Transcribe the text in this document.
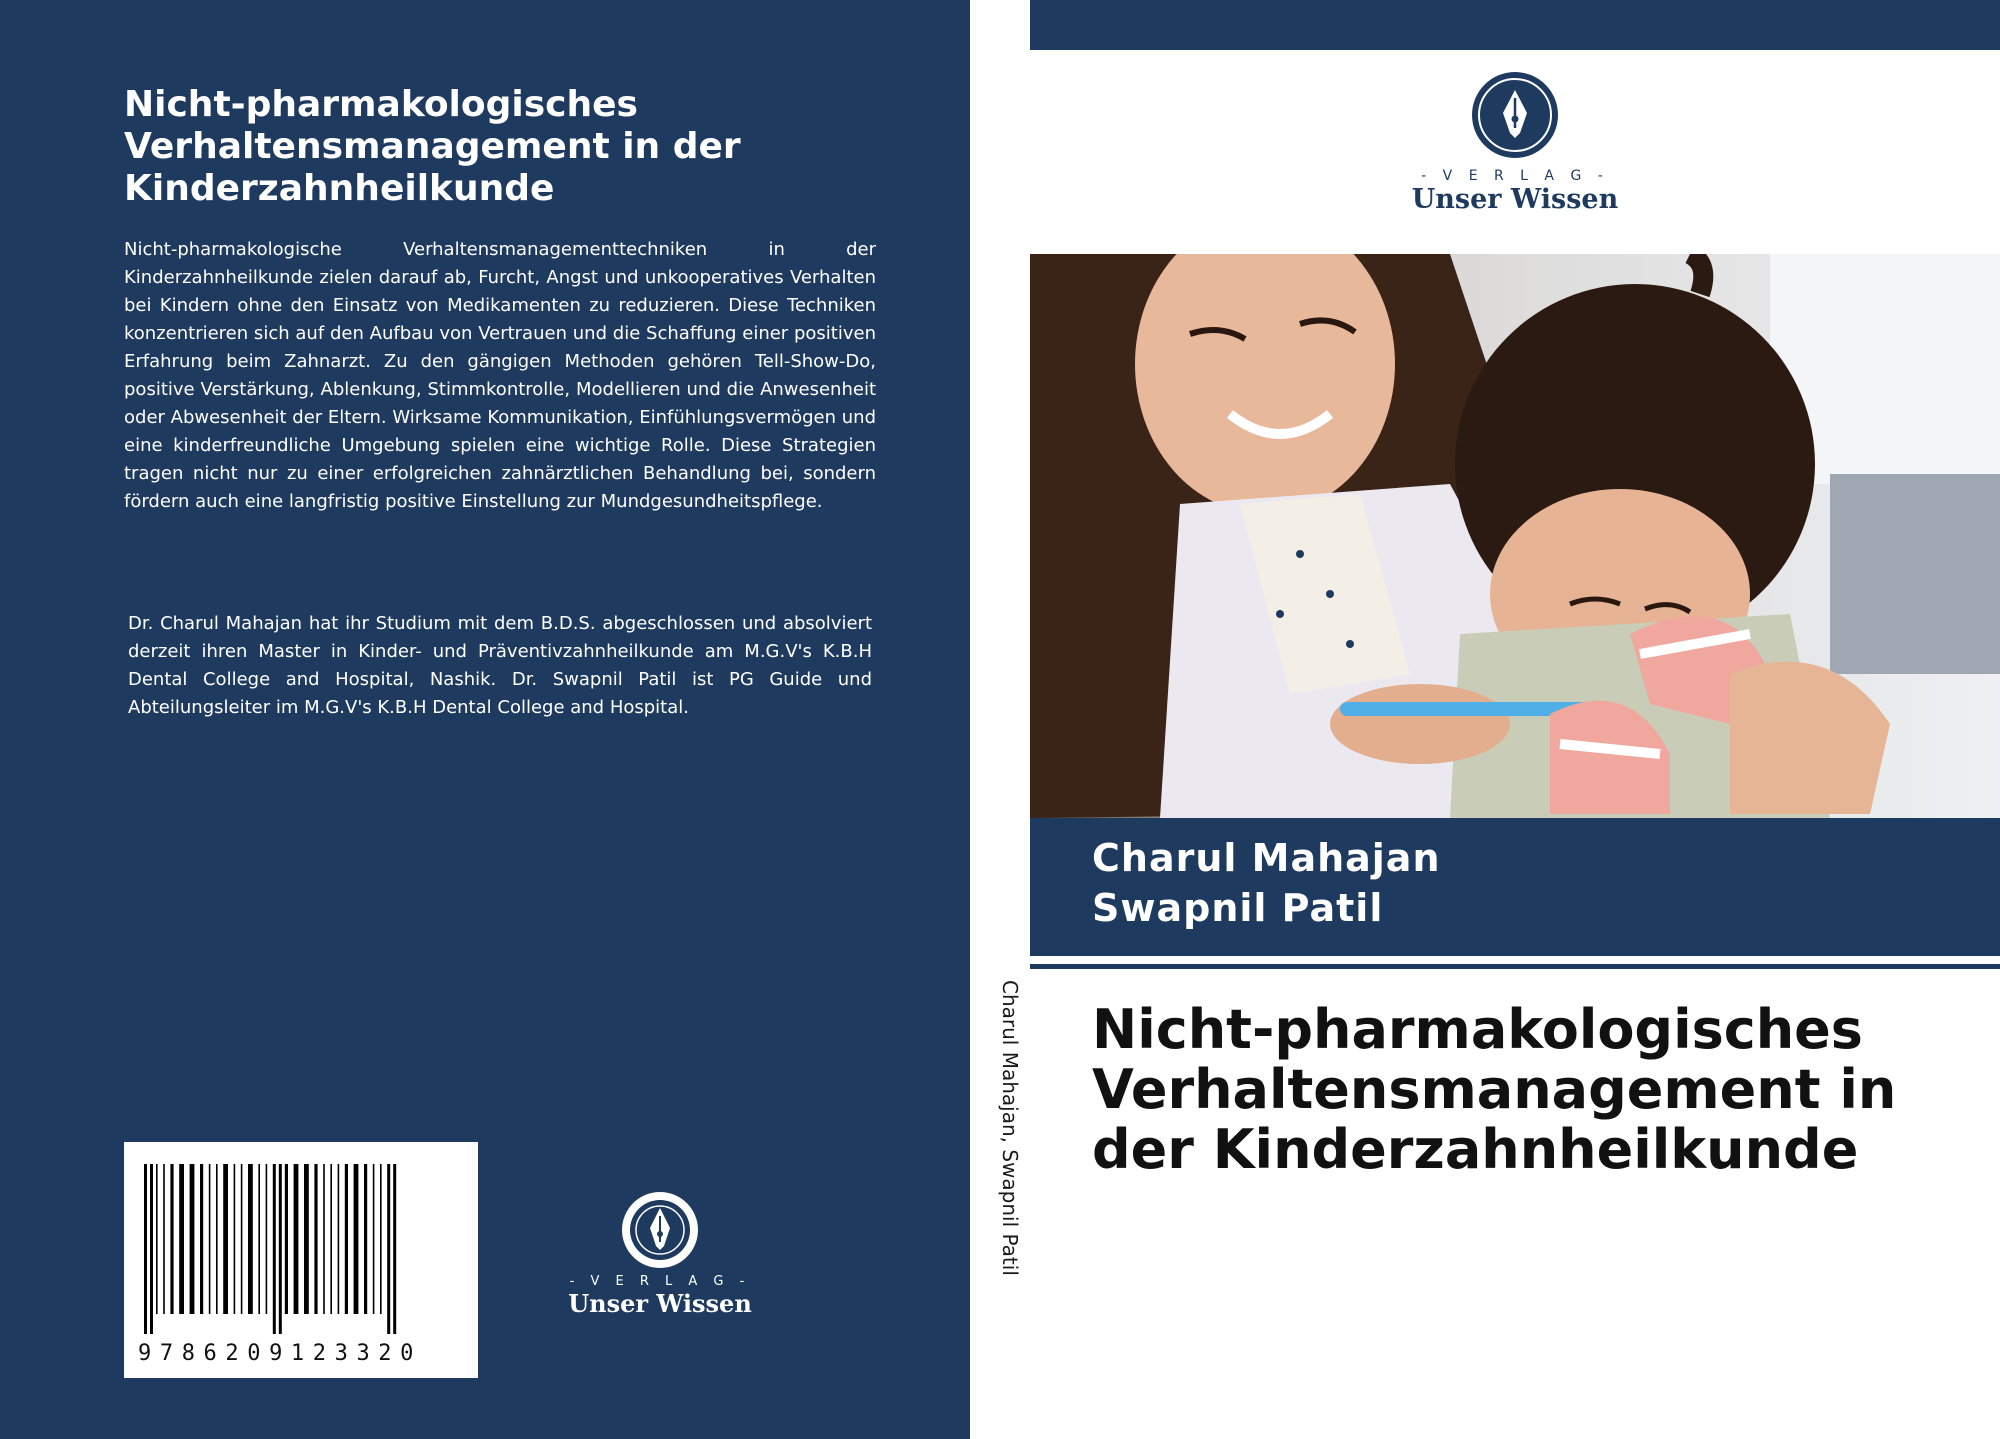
Nicht-pharmakologisches Verhaltensmanagement in der Kinderzahnheilkunde

Nicht-pharmakologische Verhaltensmanagementtechniken in der Kinderzahnheilkunde zielen darauf ab, Furcht, Angst und unkooperatives Verhalten bei Kindern ohne den Einsatz von Medikamenten zu reduzieren. Diese Techniken konzentrieren sich auf den Aufbau von Vertrauen und die Schaffung einer positiven Erfahrung beim Zahnarzt. Zu den gängigen Methoden gehören Tell-Show-Do, positive Verstärkung, Ablenkung, Stimmkontrolle, Modellieren und die Anwesenheit oder Abwesenheit der Eltern. Wirksame Kommunikation, Einfühlungsvermögen und eine kinderfreundliche Umgebung spielen eine wichtige Rolle. Diese Strategien tragen nicht nur zu einer erfolgreichen zahnärztlichen Behandlung bei, sondern fördern auch eine langfristig positive Einstellung zur Mundgesundheitspflege.

Dr. Charul Mahajan hat ihr Studium mit dem B.D.S. abgeschlossen und absolviert derzeit ihren Master in Kinder- und Präventivzahnheilkunde am M.G.V's K.B.H Dental College and Hospital, Nashik. Dr. Swapnil Patil ist PG Guide und Abteilungsleiter im M.G.V's K.B.H Dental College and Hospital.

9786209123320
- V E R L A G -
Unser Wissen
Charul Mahajan, Swapnil Patil
- V E R L A G -
Unser Wissen

Charul Mahajan

Swapnil Patil

Nicht-pharmakologisches Verhaltensmanagement in der Kinderzahnheilkunde
